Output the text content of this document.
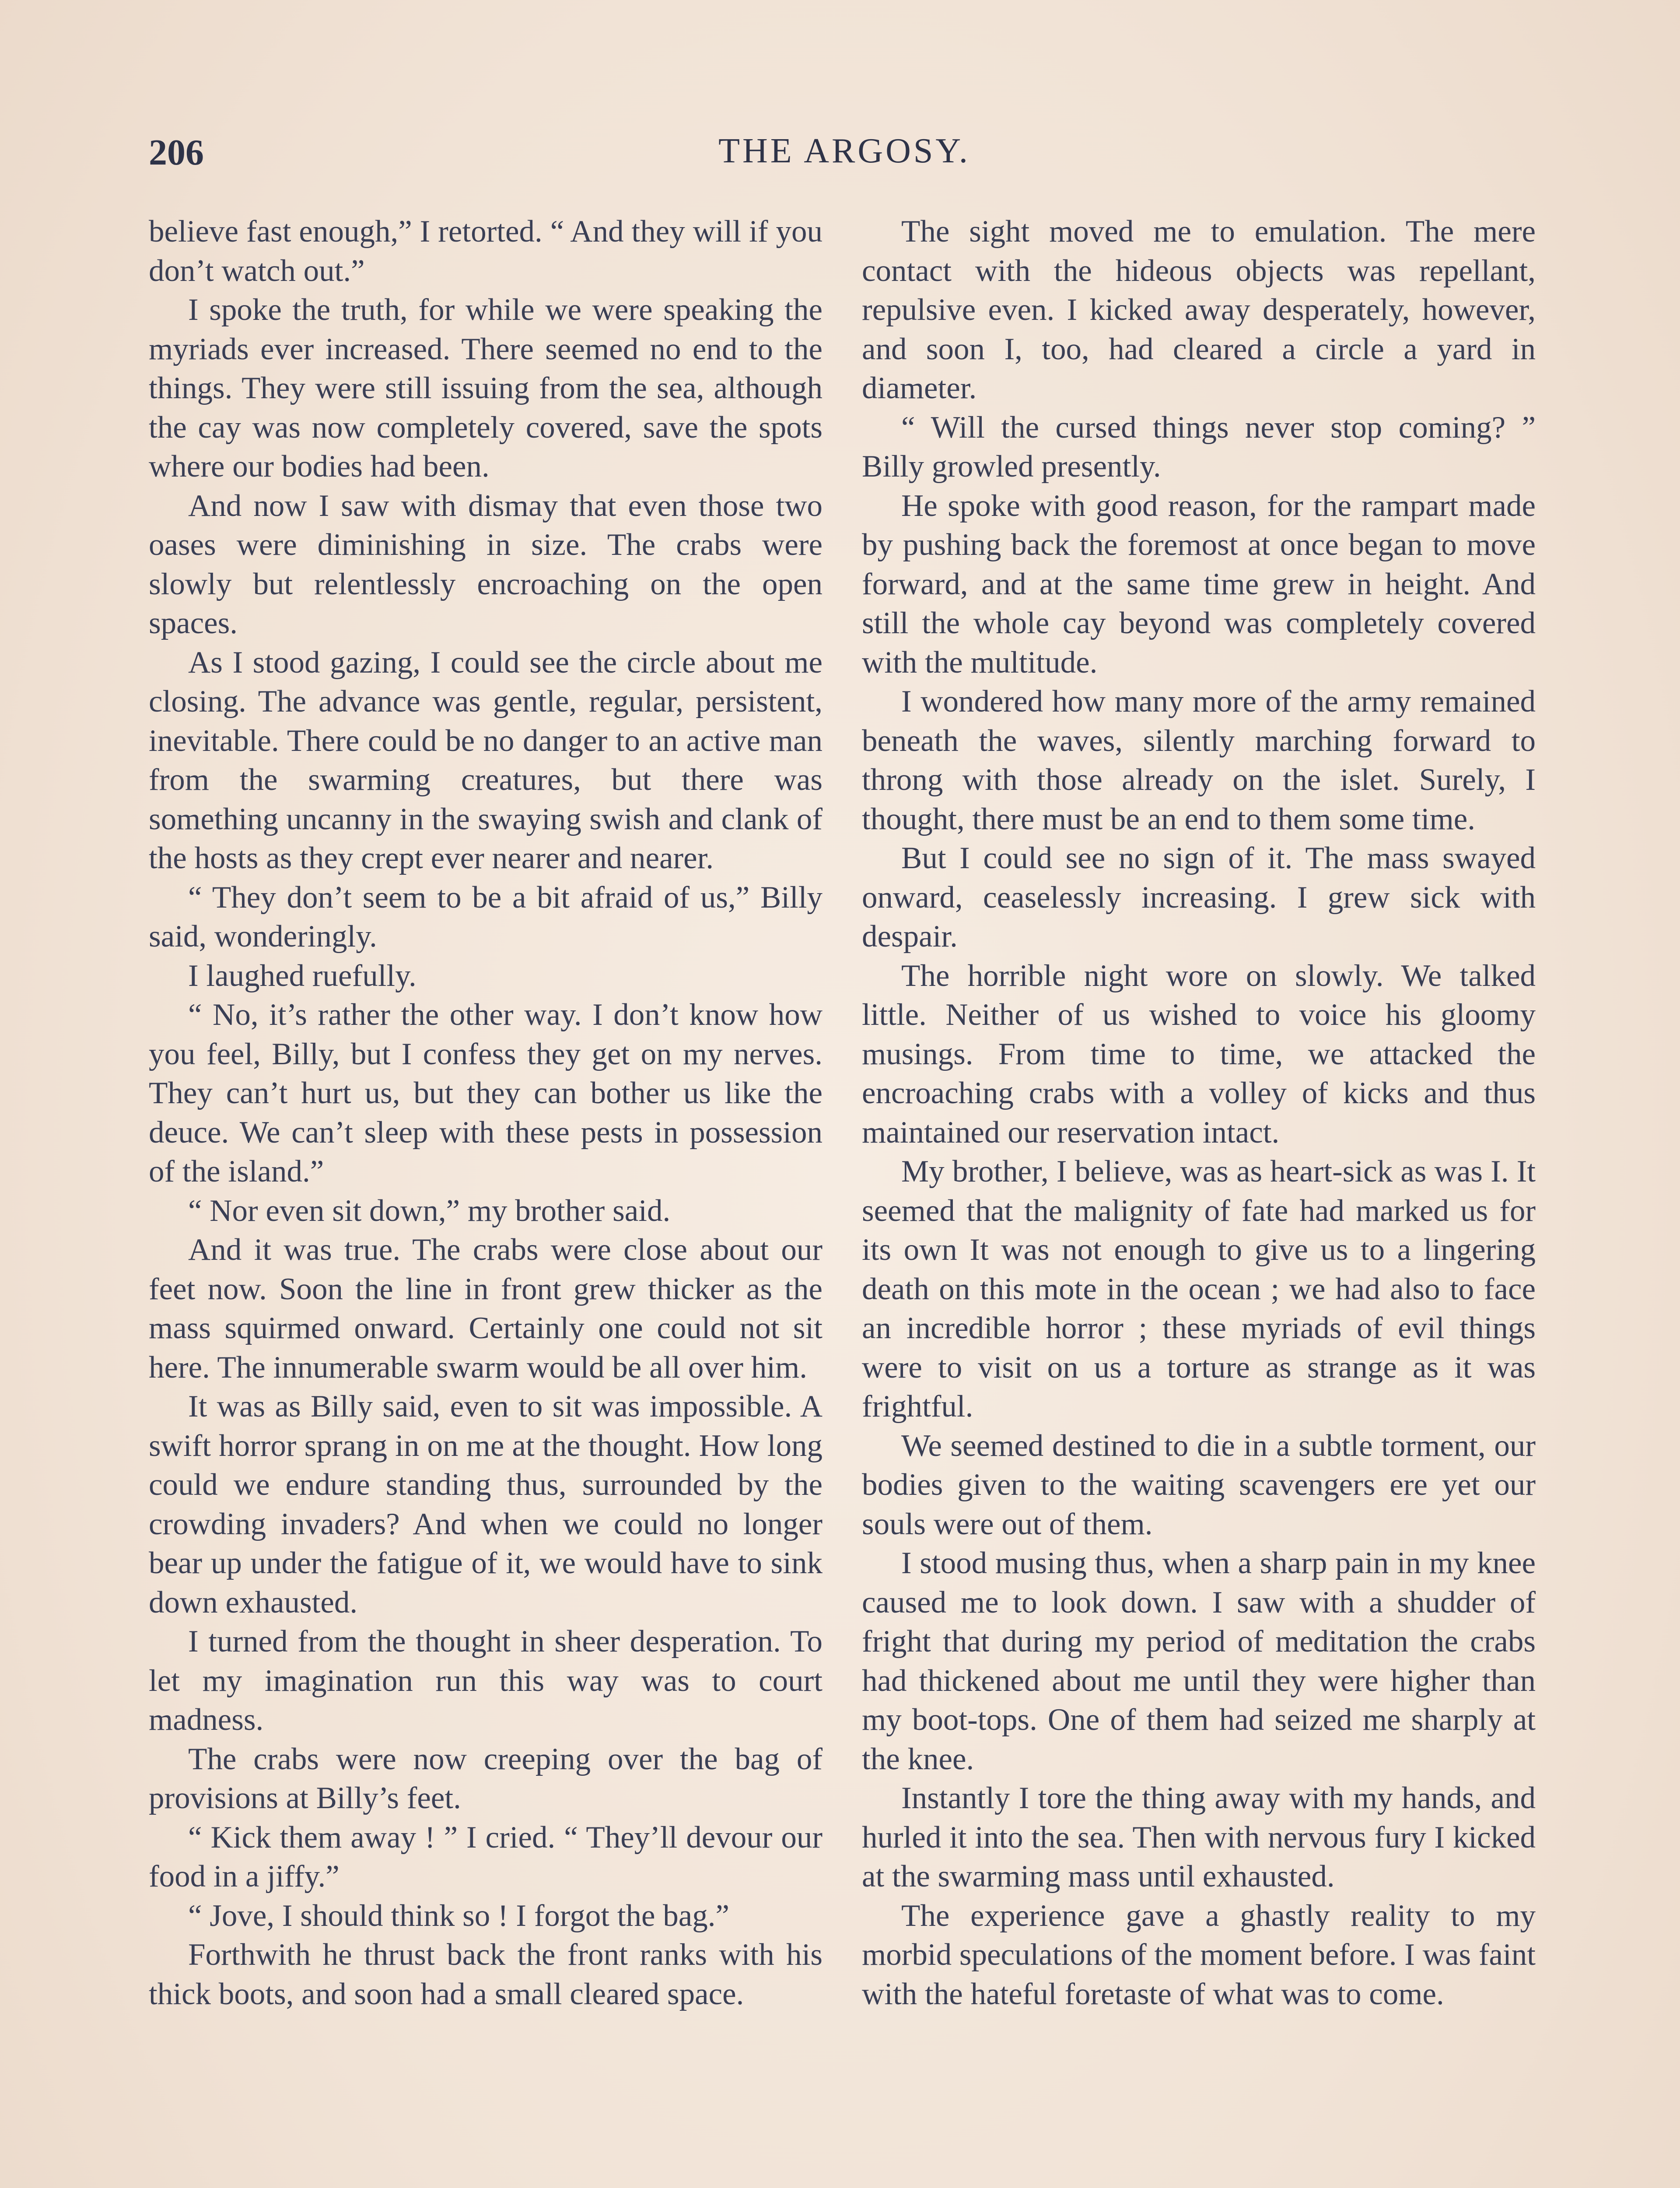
206	THE ARGOSY.

believe fast enough,” I retorted. “ And they will if you don’t watch out.”

I spoke the truth, for while we were speaking the myriads ever increased. There seemed no end to the things. They were still issuing from the sea, although the cay was now completely covered, save the spots where our bodies had been.

And now I saw with dismay that even those two oases were diminishing in size. The crabs were slowly but relentlessly encroaching on the open spaces.

As I stood gazing, I could see the circle about me closing. The advance was gentle, regular, persistent, inevitable. There could be no danger to an active man from the swarming creatures, but there was something uncanny in the swaying swish and clank of the hosts as they crept ever nearer and nearer.

“ They don’t seem to be a bit afraid of us,” Billy said, wonderingly.

I laughed ruefully.

“ No, it’s rather the other way. I don’t know how you feel, Billy, but I confess they get on my nerves. They can’t hurt us, but they can bother us like the deuce. We can’t sleep with these pests in possession of the island.”

“ Nor even sit down,” my brother said.

And it was true. The crabs were close about our feet now. Soon the line in front grew thicker as the mass squirmed onward. Certainly one could not sit here. The innumerable swarm would be all over him.

It was as Billy said, even to sit was impossible. A swift horror sprang in on me at the thought. How long could we endure standing thus, surrounded by the crowding invaders? And when we could no longer bear up under the fatigue of it, we would have to sink down exhausted.

I turned from the thought in sheer desperation. To let my imagination run this way was to court madness.

The crabs were now creeping over the bag of provisions at Billy’s feet.

“ Kick them away ! ” I cried. “ They’ll devour our food in a jiffy.”

“ Jove, I should think so ! I forgot the bag.”

Forthwith he thrust back the front ranks with his thick boots, and soon had a small cleared space.

The sight moved me to emulation. The mere contact with the hideous objects was repellant, repulsive even. I kicked away desperately, however, and soon I, too, had cleared a circle a yard in diameter.

“ Will the cursed things never stop coming? ” Billy growled presently.

He spoke with good reason, for the rampart made by pushing back the foremost at once began to move forward, and at the same time grew in height. And still the whole cay beyond was completely covered with the multitude.

I wondered how many more of the army remained beneath the waves, silently marching forward to throng with those already on the islet. Surely, I thought, there must be an end to them some time.

But I could see no sign of it. The mass swayed onward, ceaselessly increasing. I grew sick with despair.

The horrible night wore on slowly. We talked little. Neither of us wished to voice his gloomy musings. From time to time, we attacked the encroaching crabs with a volley of kicks and thus maintained our reservation intact.

My brother, I believe, was as heart-sick as was I. It seemed that the malignity of fate had marked us for its own It was not enough to give us to a lingering death on this mote in the ocean ; we had also to face an incredible horror ; these myriads of evil things were to visit on us a torture as strange as it was frightful.

We seemed destined to die in a subtle torment, our bodies given to the waiting scavengers ere yet our souls were out of them.

I stood musing thus, when a sharp pain in my knee caused me to look down. I saw with a shudder of fright that during my period of meditation the crabs had thickened about me until they were higher than my boot-tops. One of them had seized me sharply at the knee.

Instantly I tore the thing away with my hands, and hurled it into the sea. Then with nervous fury I kicked at the swarming mass until exhausted.

The experience gave a ghastly reality to my morbid speculations of the moment before. I was faint with the hateful foretaste of what was to come.
